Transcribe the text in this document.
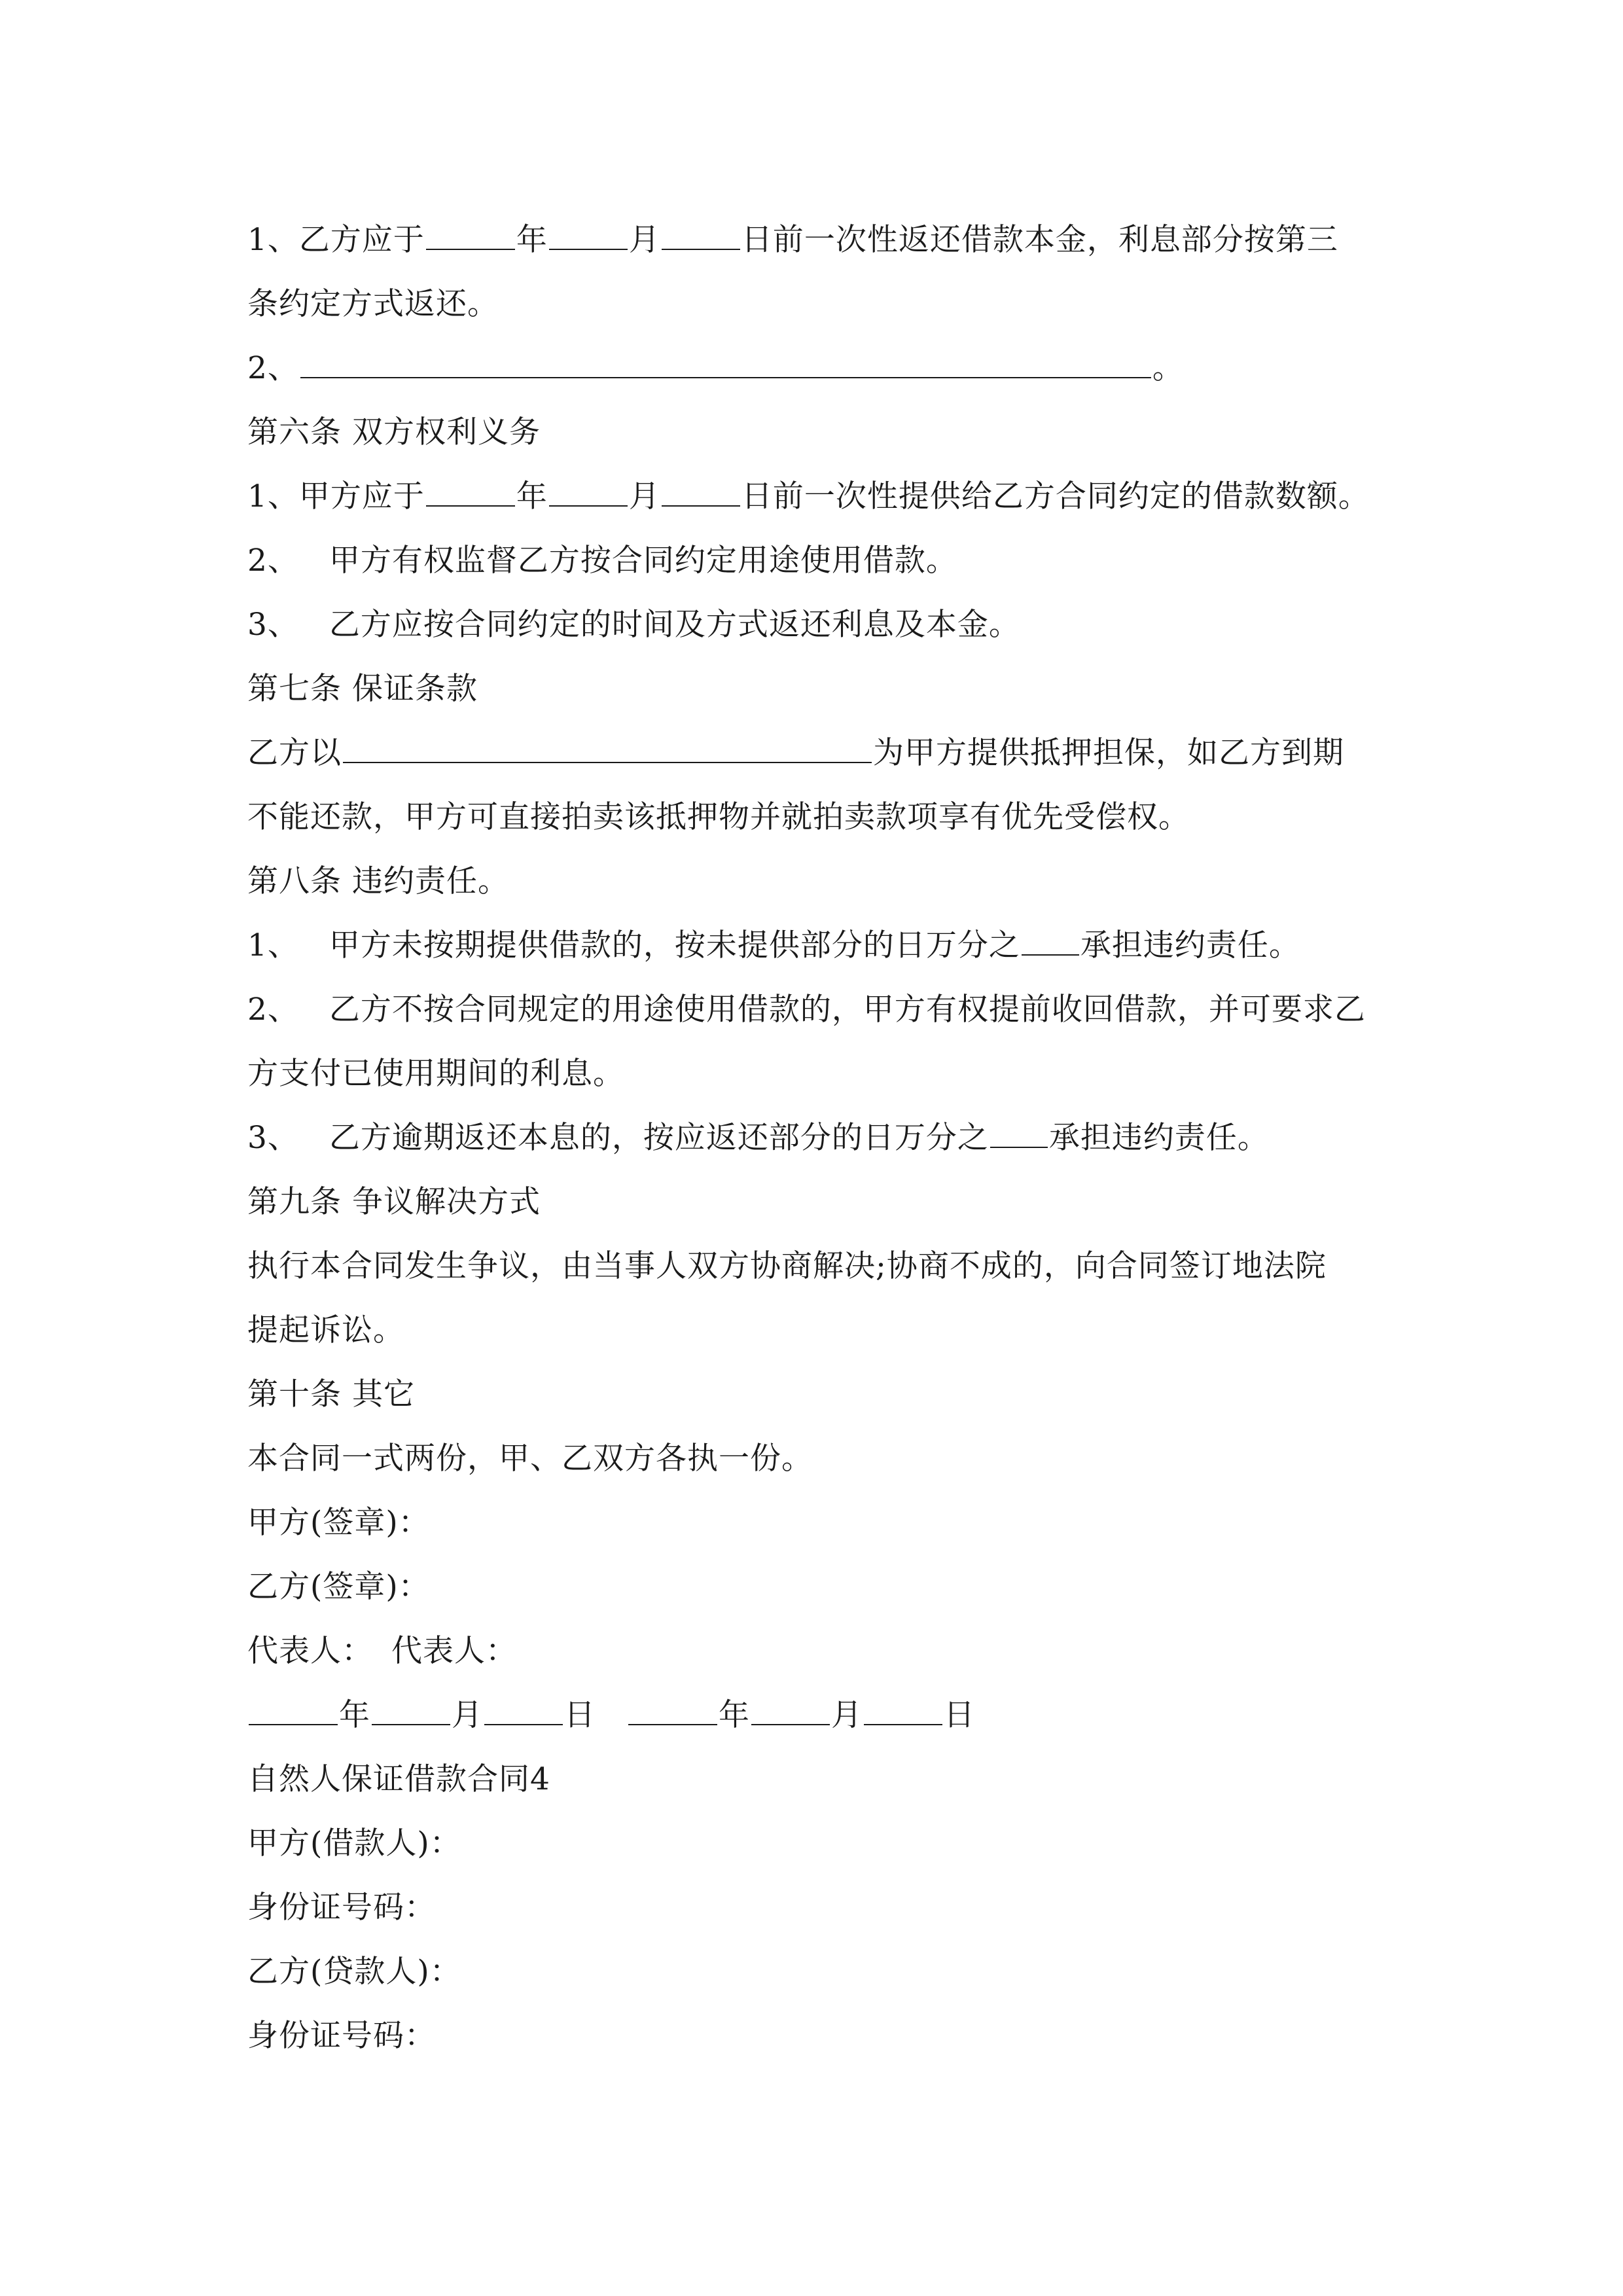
1、乙方应于	年	月	日前一次性返还借款本金，利息部分按第三
条约定方式返还。
2、	。
第六条 双方权利义务
1、甲方应于	年	月	日前一次性提供给乙方合同约定的借款数额。
2、 甲方有权监督乙方按合同约定用途使用借款。
3、 乙方应按合同约定的时间及方式返还利息及本金。
第七条 保证条款
乙方以	为甲方提供抵押担保，如乙方到期
不能还款，甲方可直接拍卖该抵押物并就拍卖款项享有优先受偿权。
第八条 违约责任。
1、 甲方未按期提供借款的，按未提供部分的日万分之 承担违约责任。
2、 乙方不按合同规定的用途使用借款的，甲方有权提前收回借款，并可要求乙
方支付已使用期间的利息。
3、 乙方逾期返还本息的，按应返还部分的日万分之 承担违约责任。
第九条 争议解决方式
执行本合同发生争议，由当事人双方协商解决;协商不成的，向合同签订地法院
提起诉讼。
第十条 其它
本合同一式两份，甲、乙双方各执一份。
甲方(签章)：
乙方(签章)：
代表人： 代表人：
年	月	日	年	月	日
自然人保证借款合同4
甲方(借款人)：
身份证号码：
乙方(贷款人)：
身份证号码：
